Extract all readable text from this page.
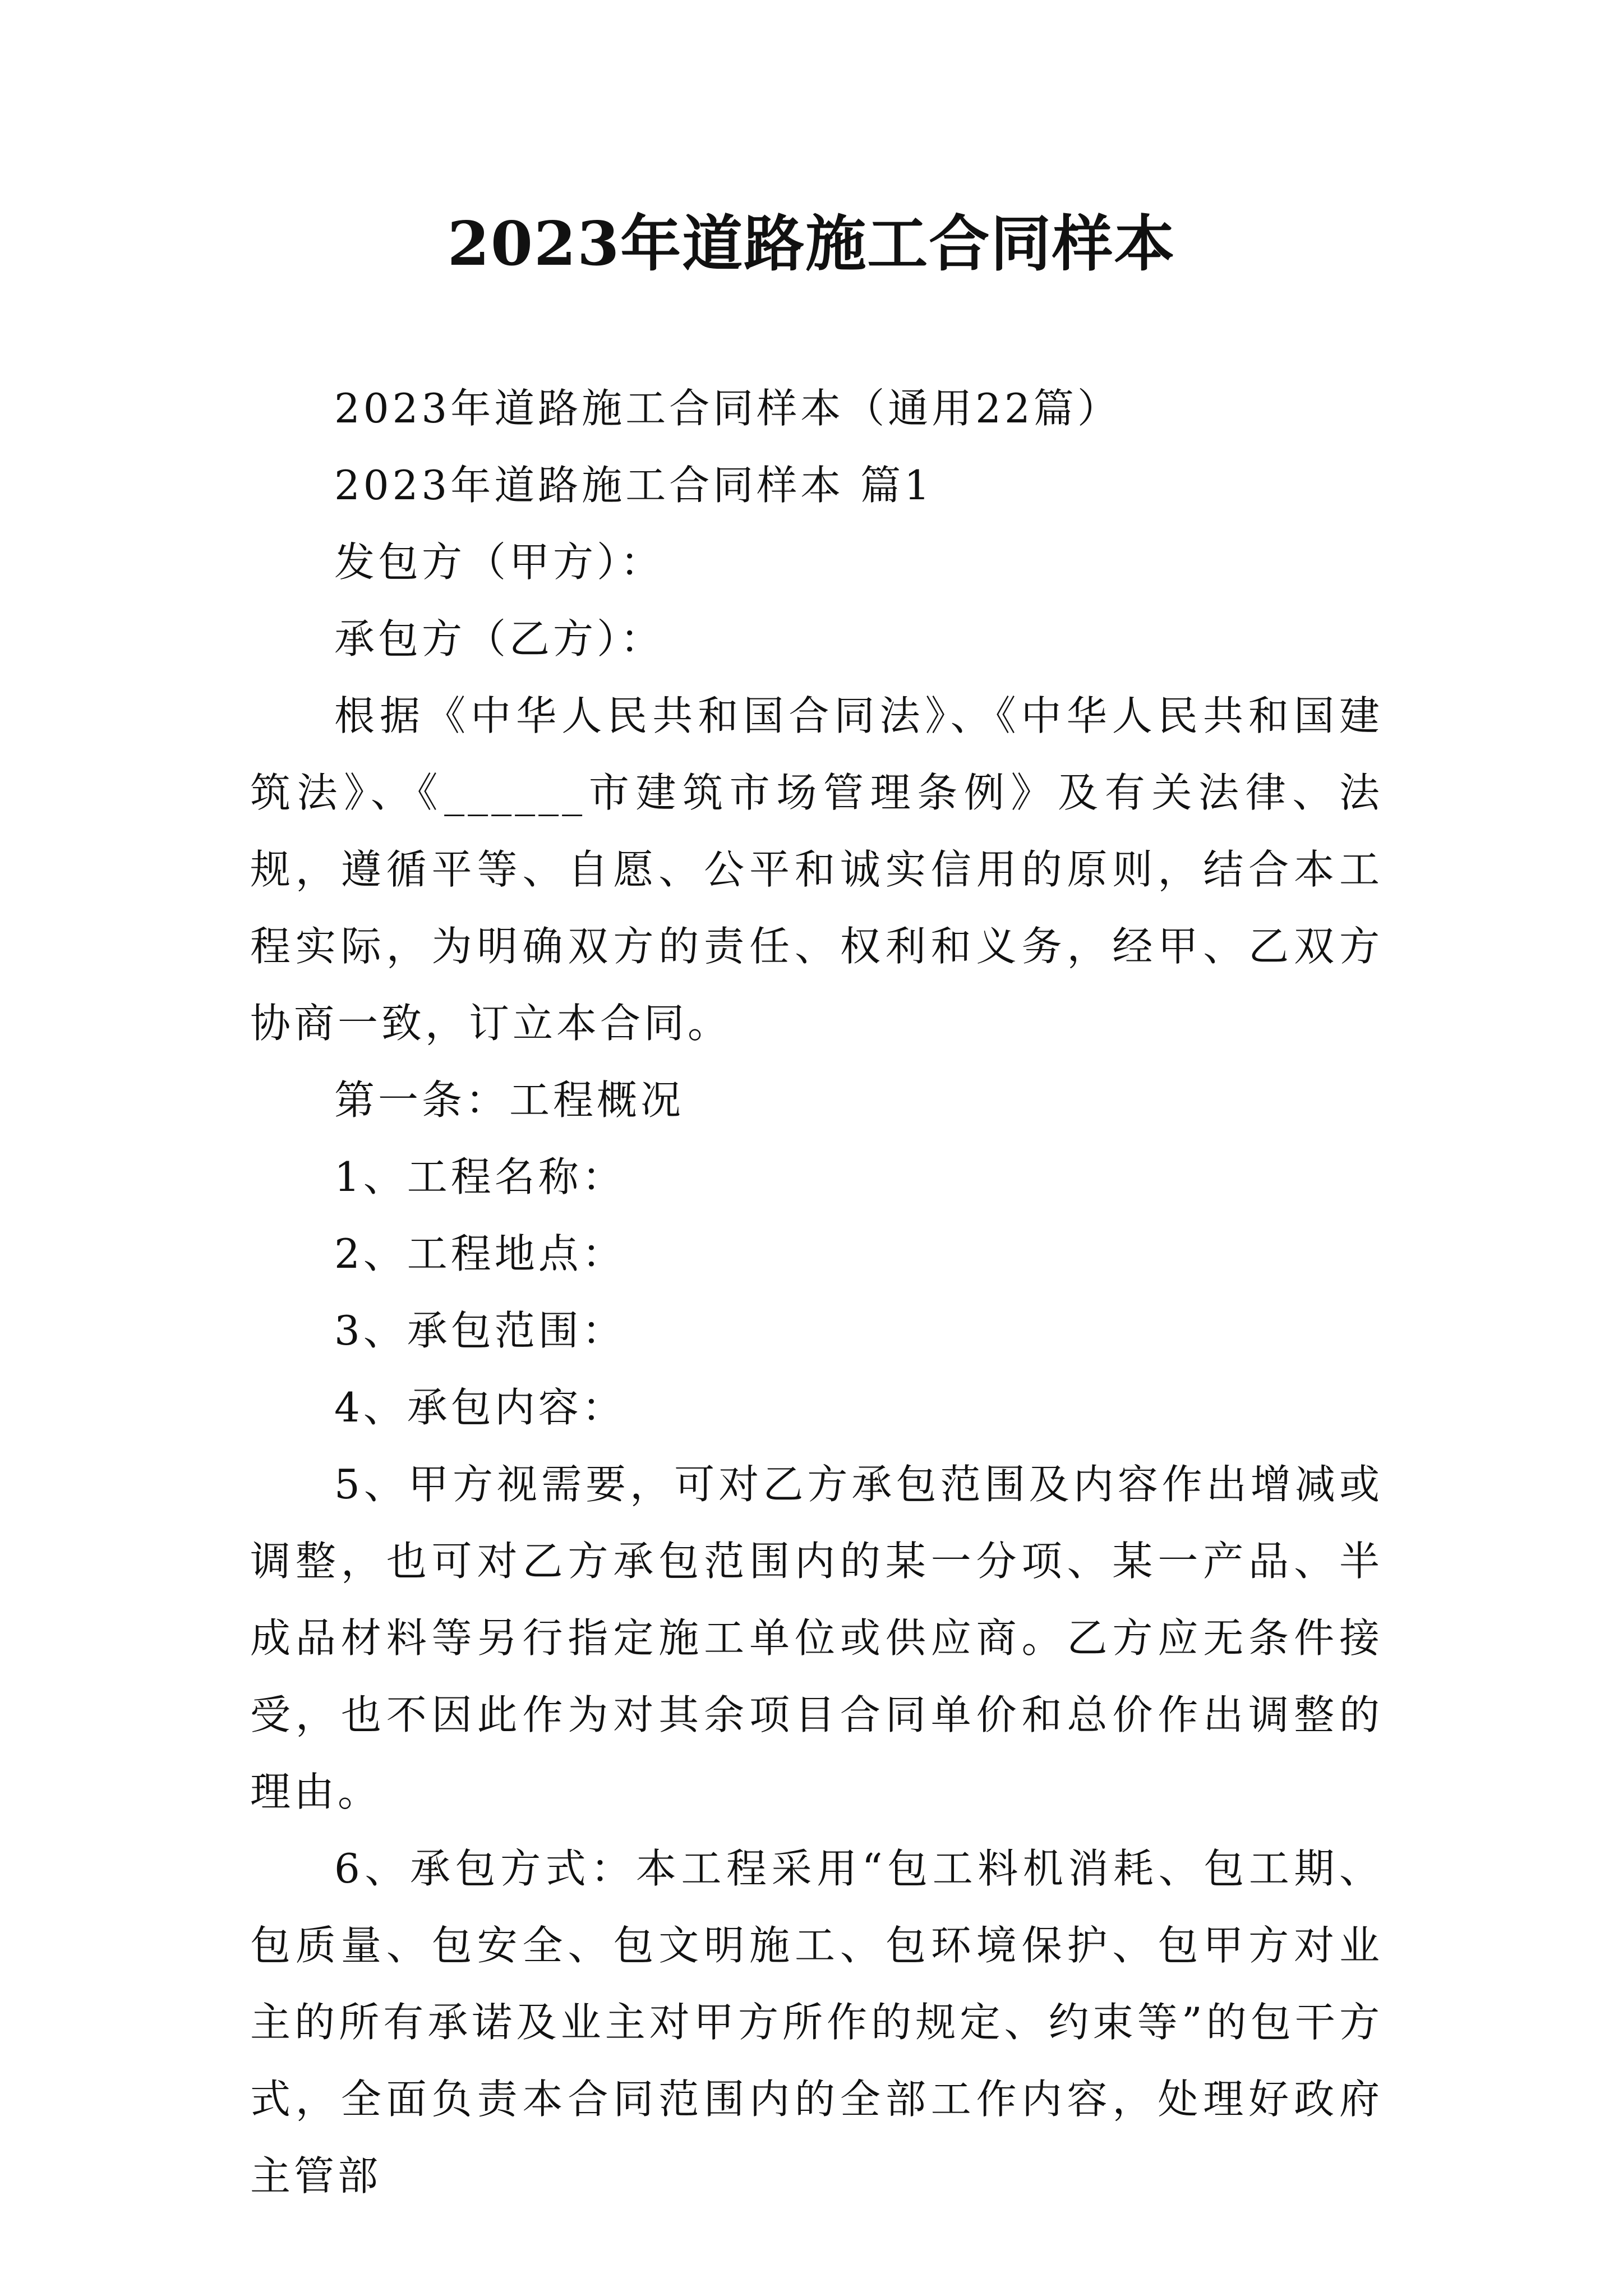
2023年道路施工合同样本

2023年道路施工合同样本（通用22篇）

2023年道路施工合同样本 篇1

发包方（甲方）：

承包方（乙方）：

根据《中华人民共和国合同法》、《中华人民共和国建筑法》、《______市建筑市场管理条例》及有关法律、法规，遵循平等、自愿、公平和诚实信用的原则，结合本工程实际，为明确双方的责任、权利和义务，经甲、乙双方协商一致，订立本合同。

第一条：工程概况

1、工程名称：

2、工程地点：

3、承包范围：

4、承包内容：

5、甲方视需要，可对乙方承包范围及内容作出增减或调整，也可对乙方承包范围内的某一分项、某一产品、半成品材料等另行指定施工单位或供应商。乙方应无条件接受，也不因此作为对其余项目合同单价和总价作出调整的理由。

6、承包方式：本工程采用“包工料机消耗、包工期、包质量、包安全、包文明施工、包环境保护、包甲方对业主的所有承诺及业主对甲方所作的规定、约束等”的包干方式，全面负责本合同范围内的全部工作内容，处理好政府主管部
